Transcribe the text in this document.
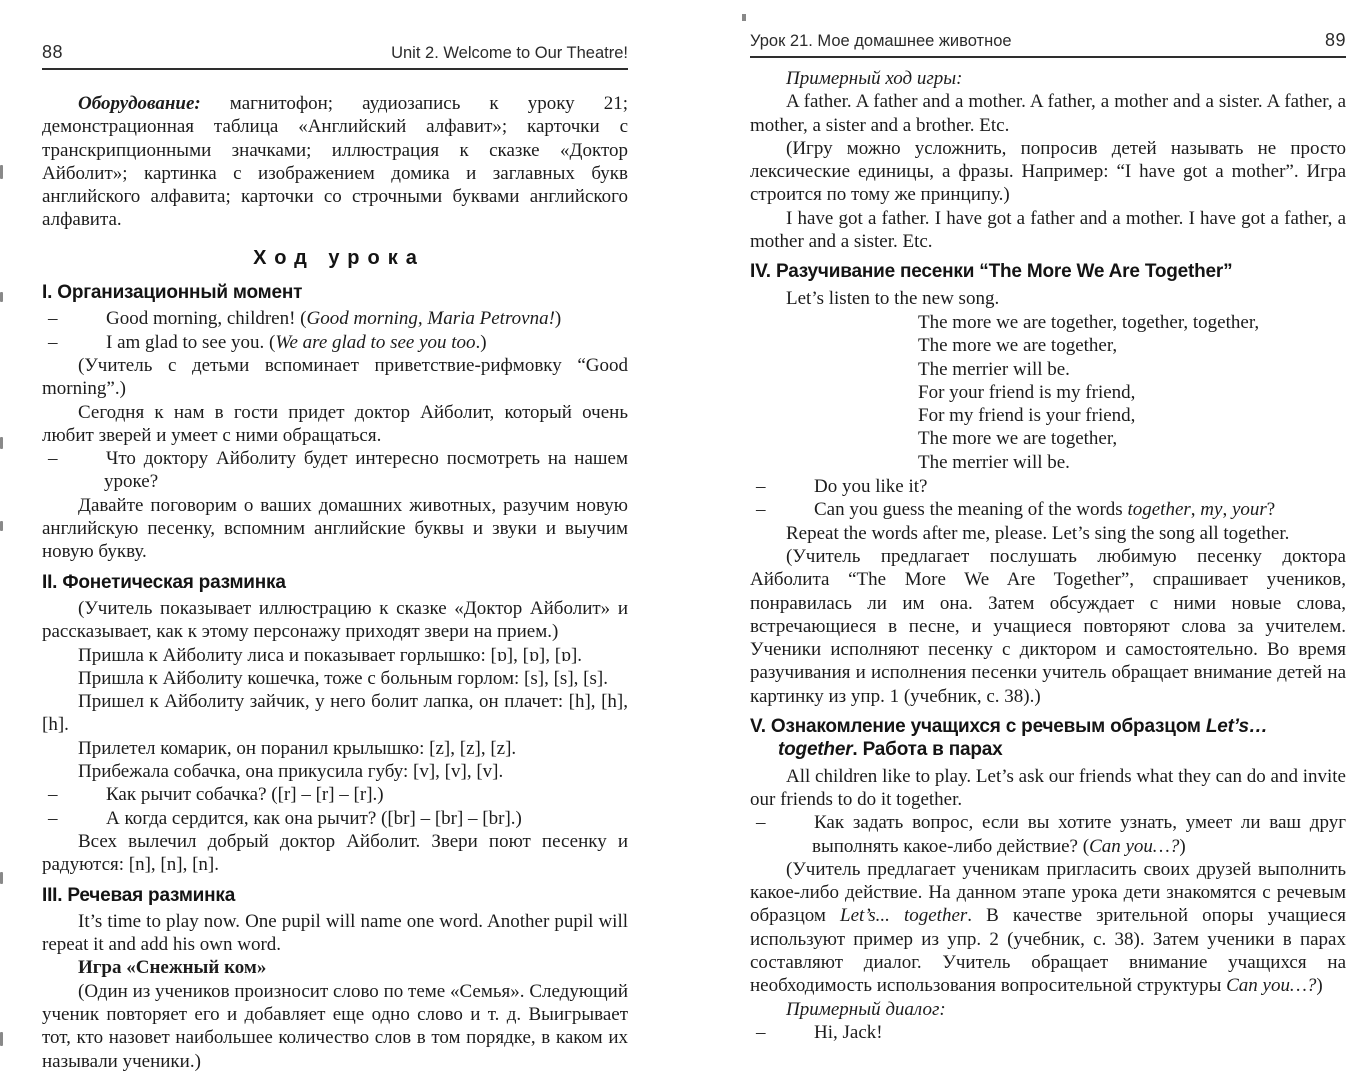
88	Unit 2. Welcome to Our Theatre!
Оборудование: магнитофон; аудиозапись к уроку 21; демонстрационная таблица «Английский алфавит»; карточки с транскрипционными значками; иллюстрация к сказке «Доктор Айболит»; картинка с изображением домика и заглавных букв английского алфавита; карточки со строчными буквами английского алфавита.
Ход урока
I. Организационный момент
–	Good morning, children! (Good morning, Maria Petrovna!)
–	I am glad to see you. (We are glad to see you too.)
(Учитель с детьми вспоминает приветствие-рифмовку “Good morning”.)
Сегодня к нам в гости придет доктор Айболит, который очень любит зверей и умеет с ними обращаться.
–	Что доктору Айболиту будет интересно посмотреть на нашем уроке?
Давайте поговорим о ваших домашних животных, разучим новую английскую песенку, вспомним английские буквы и звуки и выучим новую букву.
II. Фонетическая разминка
(Учитель показывает иллюстрацию к сказке «Доктор Айболит» и рассказывает, как к этому персонажу приходят звери на прием.)
Пришла к Айболиту лиса и показывает горлышко: [ɒ], [ɒ], [ɒ].
Пришла к Айболиту кошечка, тоже с больным горлом: [s], [s], [s].
Пришел к Айболиту зайчик, у него болит лапка, он плачет: [h], [h], [h].
Прилетел комарик, он поранил крылышко: [z], [z], [z].
Прибежала собачка, она прикусила губу: [v], [v], [v].
–	Как рычит собачка? ([r] – [r] – [r].)
–	А когда сердится, как она рычит? ([br] – [br] – [br].)
Всех вылечил добрый доктор Айболит. Звери поют песенку и радуются: [n], [n], [n].
III. Речевая разминка
It’s time to play now. One pupil will name one word. Another pupil will repeat it and add his own word.
Игра «Снежный ком»
(Один из учеников произносит слово по теме «Семья». Следующий ученик повторяет его и добавляет еще одно слово и т. д. Выигрывает тот, кто назовет наибольшее количество слов в том порядке, в каком их называли ученики.)
Урок 21. Мое домашнее животное	89
Примерный ход игры:
A father. A father and a mother. A father, a mother and a sister. A father, a mother, a sister and a brother. Etc.
(Игру можно усложнить, попросив детей называть не просто лексические единицы, а фразы. Например: “I have got a mother”. Игра строится по тому же принципу.)
I have got a father. I have got a father and a mother. I have got a father, a mother and a sister. Etc.
IV. Разучивание песенки “The More We Are Together”
Let’s listen to the new song.
The more we are together, together, together,
The more we are together,
The merrier will be.
For your friend is my friend,
For my friend is your friend,
The more we are together,
The merrier will be.
–	Do you like it?
–	Can you guess the meaning of the words together, my, your?
Repeat the words after me, please. Let’s sing the song all together.
(Учитель предлагает послушать любимую песенку доктора Айболита “The More We Are Together”, спрашивает учеников, понравилась ли им она. Затем обсуждает с ними новые слова, встречающиеся в песне, и учащиеся повторяют слова за учителем. Ученики исполняют песенку с диктором и самостоятельно. Во время разучивания и исполнения песенки учитель обращает внимание детей на картинку из упр. 1 (учебник, с. 38).)
V. Ознакомление учащихся с речевым образцом Let’s… together. Работа в парах
All children like to play. Let’s ask our friends what they can do and invite our friends to do it together.
–	Как задать вопрос, если вы хотите узнать, умеет ли ваш друг выполнять какое-либо действие? (Can you…?)
(Учитель предлагает ученикам пригласить своих друзей выполнить какое-либо действие. На данном этапе урока дети знакомятся с речевым образцом Let’s... together. В качестве зрительной опоры учащиеся используют пример из упр. 2 (учебник, с. 38). Затем ученики в парах составляют диалог. Учитель обращает внимание учащихся на необходимость использования вопросительной структуры Can you…?)
Примерный диалог:
–	Hi, Jack!
